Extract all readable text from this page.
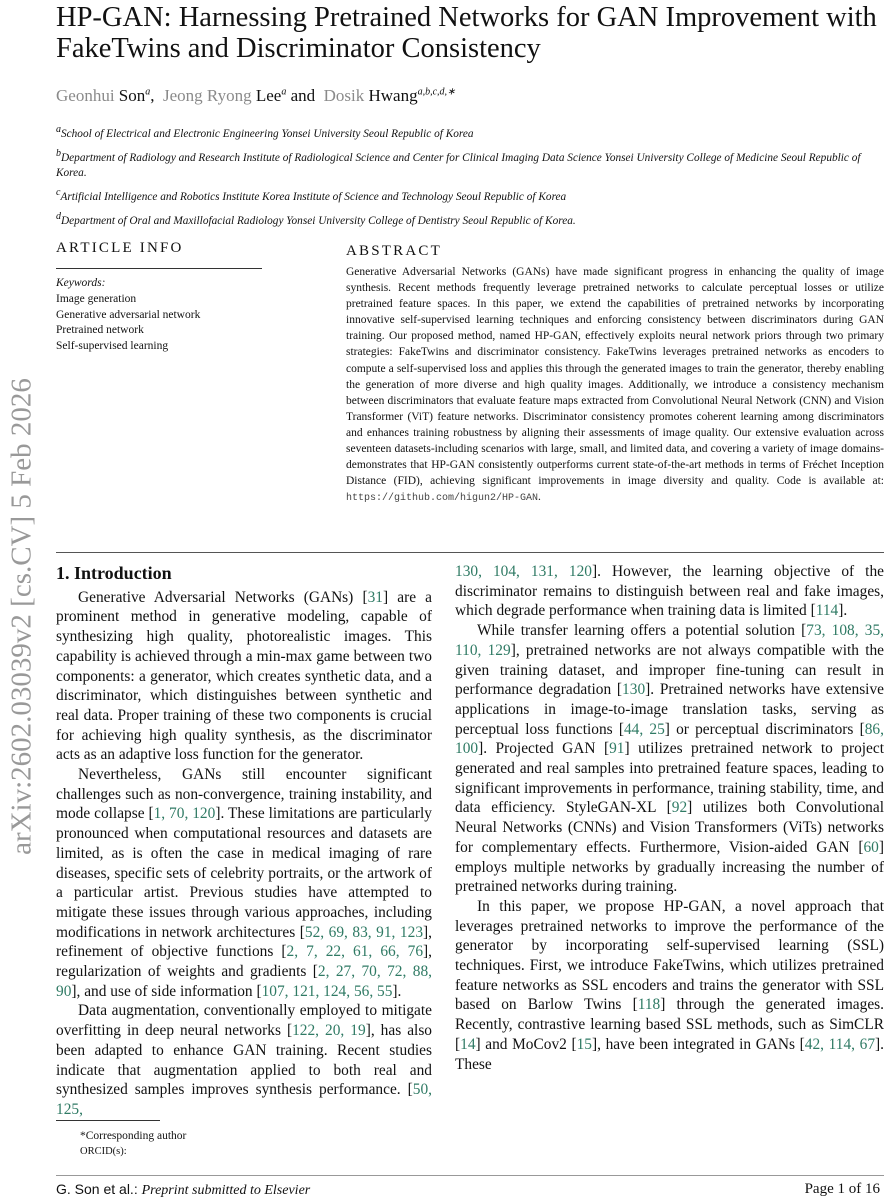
arXiv:2602.03039v2 [cs.CV] 5 Feb 2026
HP-GAN: Harnessing Pretrained Networks for GAN Improvement with FakeTwins and Discriminator Consistency
Geonhui Son$^a$, Jeong Ryong Lee$^a$ and Dosik Hwang$^{a,b,c,d,∗}$

$^a$School of Electrical and Electronic Engineering Yonsei University Seoul Republic of Korea

$^b$Department of Radiology and Research Institute of Radiological Science and Center for Clinical Imaging Data Science Yonsei University College of Medicine Seoul Republic of Korea.

$^c$Artificial Intelligence and Robotics Institute Korea Institute of Science and Technology Seoul Republic of Korea

$^d$Department of Oral and Maxillofacial Radiology Yonsei University College of Dentistry Seoul Republic of Korea.

ARTICLE INFO
Keywords:
Image generation
Generative adversarial network
Pretrained network
Self-supervised learning
ABSTRACT
Generative Adversarial Networks (GANs) have made significant progress in enhancing the quality of image synthesis. Recent methods frequently leverage pretrained networks to calculate perceptual losses or utilize pretrained feature spaces. In this paper, we extend the capabilities of pretrained networks by incorporating innovative self-supervised learning techniques and enforcing consistency between discriminators during GAN training. Our proposed method, named HP-GAN, effectively exploits neural network priors through two primary strategies: FakeTwins and discriminator consistency. FakeTwins leverages pretrained networks as encoders to compute a self-supervised loss and applies this through the generated images to train the generator, thereby enabling the generation of more diverse and high quality images. Additionally, we introduce a consistency mechanism between discriminators that evaluate feature maps extracted from Convolutional Neural Network (CNN) and Vision Transformer (ViT) feature networks. Discriminator consistency promotes coherent learning among discriminators and enhances training robustness by aligning their assessments of image quality. Our extensive evaluation across seventeen datasets-including scenarios with large, small, and limited data, and covering a variety of image domains-demonstrates that HP-GAN consistently outperforms current state-of-the-art methods in terms of Fréchet Inception Distance (FID), achieving significant improvements in image diversity and quality. Code is available at: https://github.com/higun2/HP-GAN.
1. Introduction

Generative Adversarial Networks (GANs) [31] are a prominent method in generative modeling, capable of synthesizing high quality, photorealistic images. This capability is achieved through a min-max game between two components: a generator, which creates synthetic data, and a discriminator, which distinguishes between synthetic and real data. Proper training of these two components is crucial for achieving high quality synthesis, as the discriminator acts as an adaptive loss function for the generator.

Nevertheless, GANs still encounter significant challenges such as non-convergence, training instability, and mode collapse [1, 70, 120]. These limitations are particularly pronounced when computational resources and datasets are limited, as is often the case in medical imaging of rare diseases, specific sets of celebrity portraits, or the artwork of a particular artist. Previous studies have attempted to mitigate these issues through various approaches, including modifications in network architectures [52, 69, 83, 91, 123], refinement of objective functions [2, 7, 22, 61, 66, 76], regularization of weights and gradients [2, 27, 70, 72, 88, 90], and use of side information [107, 121, 124, 56, 55].

Data augmentation, conventionally employed to mitigate overfitting in deep neural networks [122, 20, 19], has also been adapted to enhance GAN training. Recent studies indicate that augmentation applied to both real and synthesized samples improves synthesis performance. [50, 125,

130, 104, 131, 120]. However, the learning objective of the discriminator remains to distinguish between real and fake images, which degrade performance when training data is limited [114].

While transfer learning offers a potential solution [73, 108, 35, 110, 129], pretrained networks are not always compatible with the given training dataset, and improper fine-tuning can result in performance degradation [130]. Pretrained networks have extensive applications in image-to-image translation tasks, serving as perceptual loss functions [44, 25] or perceptual discriminators [86, 100]. Projected GAN [91] utilizes pretrained network to project generated and real samples into pretrained feature spaces, leading to significant improvements in performance, training stability, time, and data efficiency. StyleGAN-XL [92] utilizes both Convolutional Neural Networks (CNNs) and Vision Transformers (ViTs) networks for complementary effects. Furthermore, Vision-aided GAN [60] employs multiple networks by gradually increasing the number of pretrained networks during training.

In this paper, we propose HP-GAN, a novel approach that leverages pretrained networks to improve the performance of the generator by incorporating self-supervised learning (SSL) techniques. First, we introduce FakeTwins, which utilizes pretrained feature networks as SSL encoders and trains the generator with SSL based on Barlow Twins [118] through the generated images. Recently, contrastive learning based SSL methods, such as SimCLR [14] and MoCov2 [15], have been integrated in GANs [42, 114, 67]. These

*Corresponding author
ORCID(s):
G. Son et al.: Preprint submitted to Elsevier	Page 1 of 16
